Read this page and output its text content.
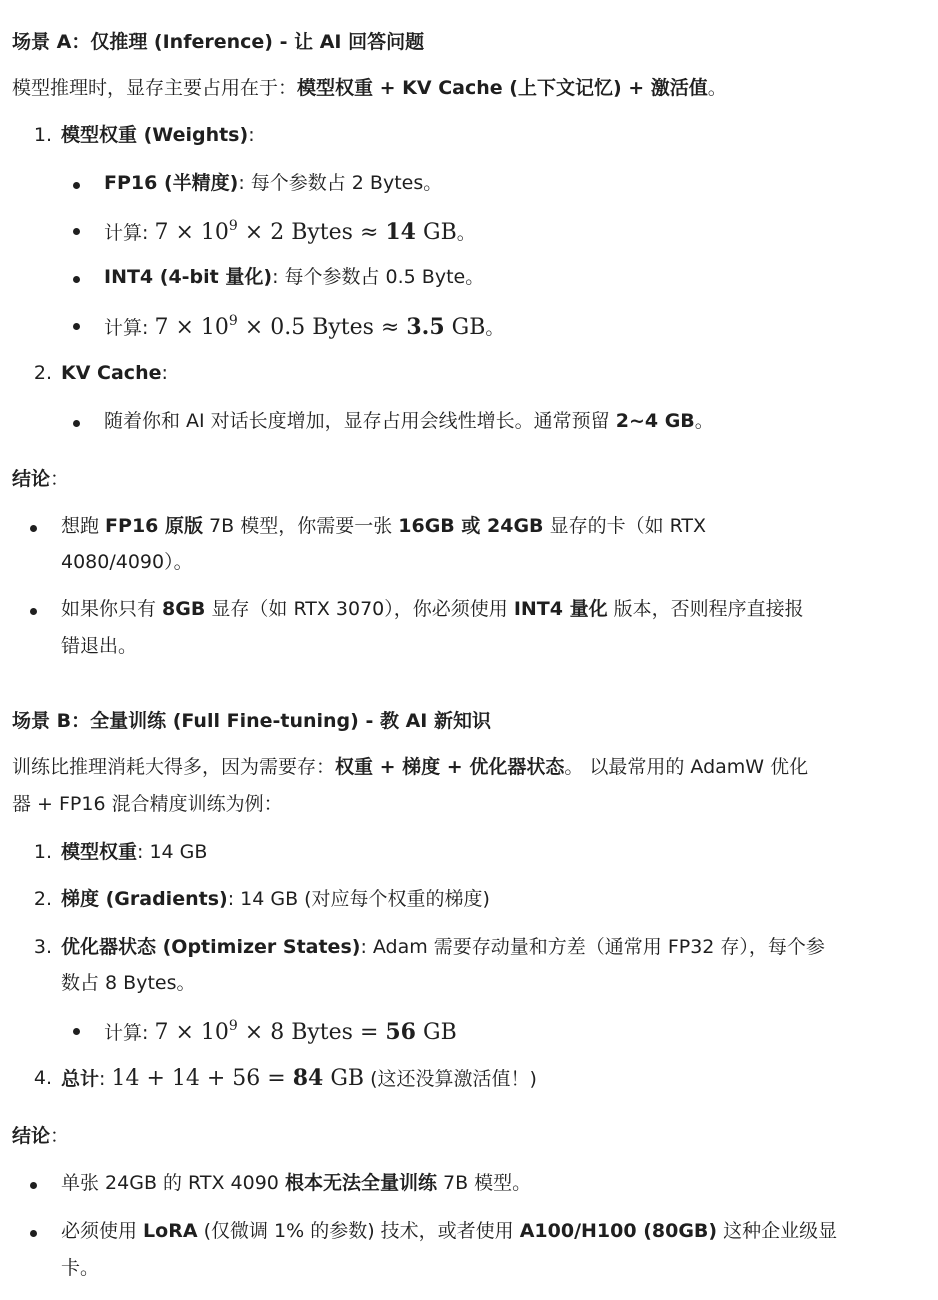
场景 A：仅推理 (Inference) - 让 AI 回答问题
模型推理时，显存主要占用在于：模型权重 + KV Cache (上下文记忆) + 激活值。
1. 模型权重 (Weights):
FP16 (半精度): 每个参数占 2 Bytes。
计算: $7 \times 10^9 \times 2$ Bytes ≈ 14 GB。
INT4 (4-bit 量化): 每个参数占 0.5 Byte。
计算: $7 \times 10^9 \times 0.5$ Bytes ≈ 3.5 GB。
2. KV Cache:
随着你和 AI 对话长度增加，显存占用会线性增长。通常预留 2~4 GB。
结论：
想跑 FP16 原版 7B 模型，你需要一张 16GB 或 24GB 显存的卡（如 RTX
4080/4090）。
如果你只有 8GB 显存（如 RTX 3070），你必须使用 INT4 量化 版本，否则程序直接报
错退出。
场景 B：全量训练 (Full Fine-tuning) - 教 AI 新知识
训练比推理消耗大得多，因为需要存：权重 + 梯度 + 优化器状态。 以最常用的 AdamW 优化
器 + FP16 混合精度训练为例：
1. 模型权重: 14 GB
2. 梯度 (Gradients): 14 GB (对应每个权重的梯度)
3. 优化器状态 (Optimizer States): Adam 需要存动量和方差（通常用 FP32 存），每个参
数占 8 Bytes。
计算: $7 \times 10^9 \times 8$ Bytes = 56 GB
4. 总计: 14 + 14 + 56 = 84 GB (这还没算激活值！)
结论：
单张 24GB 的 RTX 4090 根本无法全量训练 7B 模型。
必须使用 LoRA (仅微调 1% 的参数) 技术，或者使用 A100/H100 (80GB) 这种企业级显
卡。
